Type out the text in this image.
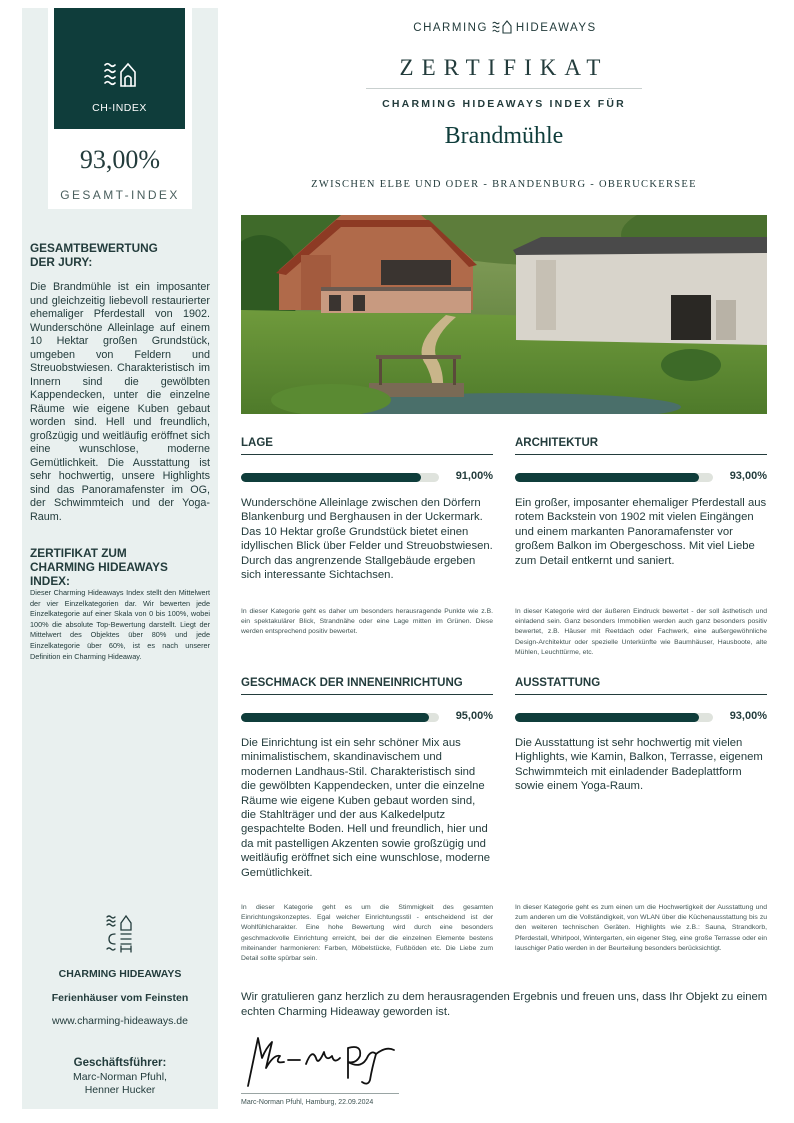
CH-INDEX
93,00%
GESAMT-INDEX
GESAMTBEWERTUNG
DER JURY:

Die Brandmühle ist ein imposanter und gleichzeitig liebevoll restaurierter ehemaliger Pferdestall von 1902. Wunderschöne Alleinlage auf einem 10 Hektar großen Grundstück, umgeben von Feldern und Streuobstwiesen. Charakteristisch im Innern sind die gewölbten Kappendecken, unter die einzelne Räume wie eigene Kuben gebaut worden sind. Hell und freundlich, großzügig und weitläufig eröffnet sich eine wunschlose, moderne Gemütlichkeit. Die Ausstattung ist sehr hochwertig, unsere Highlights sind das Panoramafenster im OG, der Schwimmteich und der Yoga-Raum.

ZERTIFIKAT ZUM
CHARMING HIDEAWAYS INDEX:

Dieser Charming Hideaways Index stellt den Mittelwert der vier Einzelkategorien dar. Wir bewerten jede Einzelkategorie auf einer Skala von 0 bis 100%, wobei 100% die absolute Top-Bewertung darstellt. Liegt der Mittelwert des Objektes über 80% und jede Einzelkategorie über 60%, ist es nach unserer Definition ein Charming Hideaway.

CHARMING HIDEAWAYS
Ferienhäuser vom Feinsten
www.charming-hideaways.de
Geschäftsführer:
Marc-Norman Pfuhl,
Henner Hucker
CHARMING HIDEAWAYS
ZERTIFIKAT
CHARMING HIDEAWAYS INDEX FÜR
Brandmühle
ZWISCHEN ELBE UND ODER - BRANDENBURG - OBERUCKERSEE
LAGE
91,00%

Wunderschöne Alleinlage zwischen den Dörfern Blankenburg und Berghausen in der Uckermark. Das 10 Hektar große Grundstück bietet einen idyllischen Blick über Felder und Streuobstwiesen. Durch das angrenzende Stallgebäude ergeben sich interessante Sichtachsen.

In dieser Kategorie geht es daher um besonders herausragende Punkte wie z.B. ein spektakulärer Blick, Strandnähe oder eine Lage mitten im Grünen. Diese werden entsprechend positiv bewertet.

ARCHITEKTUR
93,00%

Ein großer, imposanter ehemaliger Pferdestall aus rotem Backstein von 1902 mit vielen Eingängen und einem markanten Panoramafenster vor großem Balkon im Obergeschoss. Mit viel Liebe zum Detail entkernt und saniert.

In dieser Kategorie wird der äußeren Eindruck bewertet - der soll ästhetisch und einladend sein. Ganz besonders Immobilien werden auch ganz besonders positiv bewertet, z.B. Häuser mit Reetdach oder Fachwerk, eine außergewöhnliche Design-Architektur oder spezielle Unterkünfte wie Baumhäuser, Hausboote, alte Mühlen, Leuchttürme, etc.

GESCHMACK DER INNENEINRICHTUNG
95,00%

Die Einrichtung ist ein sehr schöner Mix aus minimalistischem, skandinavischem und modernen Landhaus-Stil. Charakteristisch sind die gewölbten Kappendecken, unter die einzelne Räume wie eigene Kuben gebaut worden sind, die Stahlträger und der aus Kalkedelputz gespachtelte Boden. Hell und freundlich, hier und da mit pastelligen Akzenten sowie großzügig und weitläufig eröffnet sich eine wunschlose, moderne Gemütlichkeit.

In dieser Kategorie geht es um die Stimmigkeit des gesamten Einrichtungskonzeptes. Egal welcher Einrichtungsstil - entscheidend ist der Wohlfühlcharakter. Eine hohe Bewertung wird durch eine besonders geschmackvolle Einrichtung erreicht, bei der die einzelnen Elemente bestens miteinander harmonieren: Farben, Möbelstücke, Fußböden etc. Die Liebe zum Detail sollte spürbar sein.

AUSSTATTUNG
93,00%

Die Ausstattung ist sehr hochwertig mit vielen Highlights, wie Kamin, Balkon, Terrasse, eigenem Schwimmteich mit einladender Badeplattform sowie einem Yoga-Raum.

In dieser Kategorie geht es zum einen um die Hochwertigkeit der Ausstattung und zum anderen um die Vollständigkeit, von WLAN über die Küchenausstattung bis zu den weiteren technischen Geräten. Highlights wie z.B.: Sauna, Strandkorb, Pferdestall, Whirlpool, Wintergarten, ein eigener Steg, eine große Terrasse oder ein lauschiger Patio werden in der Beurteilung besonders berücksichtigt.

Wir gratulieren ganz herzlich zu dem herausragenden Ergebnis und freuen uns, dass Ihr Objekt zu einem echten Charming Hideaway geworden ist.

Marc-Norman Pfuhl, Hamburg, 22.09.2024
